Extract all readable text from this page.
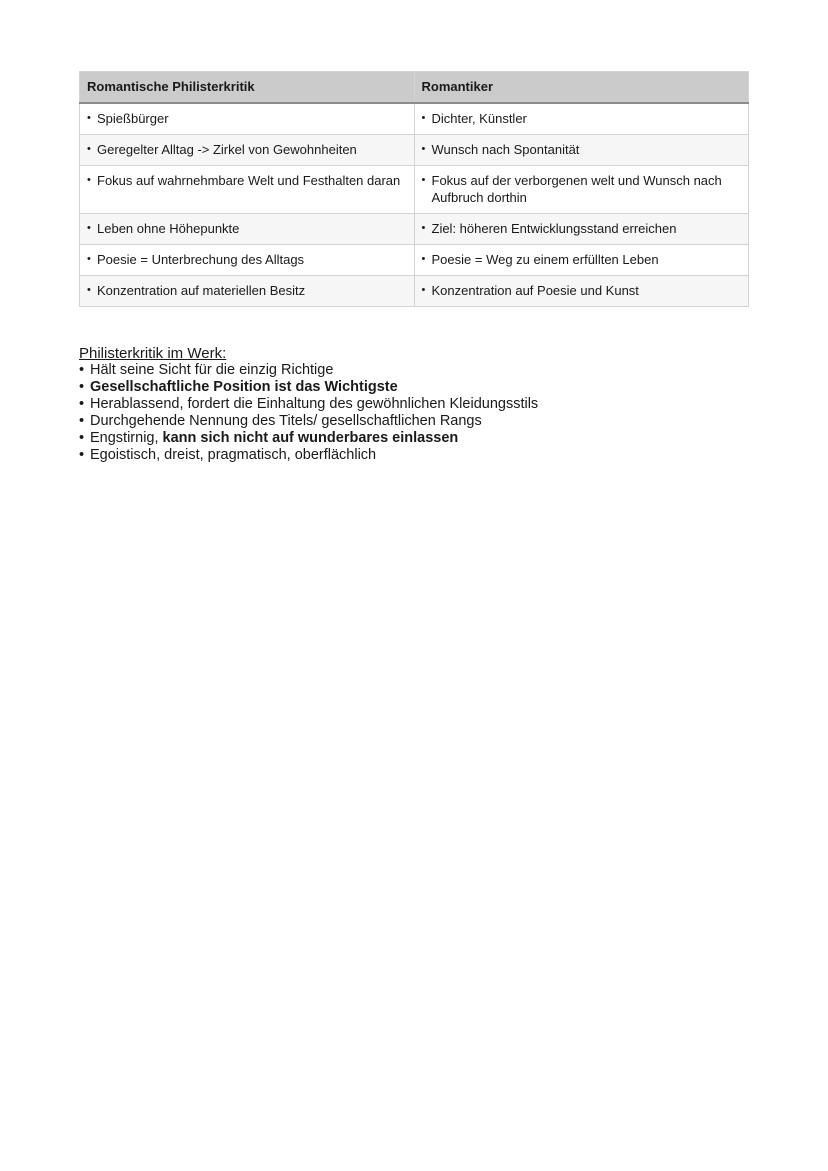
Romantische Philisterkritik	Romantiker

• Spießbürger	• Dichter, Künstler

• Geregelter Alltag -> Zirkel von Gewohnheiten	• Wunsch nach Spontanität

• Fokus auf wahrnehmbare Welt und Festhalten daran	• Fokus auf der verborgenen welt und Wunsch nach Aufbruch dorthin

• Leben ohne Höhepunkte	• Ziel: höheren Entwicklungsstand erreichen

• Poesie = Unterbrechung des Alltags	• Poesie = Weg zu einem erfüllten Leben

• Konzentration auf materiellen Besitz	• Konzentration auf Poesie und Kunst
Philisterkritik im Werk:
• Hält seine Sicht für die einzig Richtige
• Gesellschaftliche Position ist das Wichtigste
• Herablassend, fordert die Einhaltung des gewöhnlichen Kleidungsstils
• Durchgehende Nennung des Titels/ gesellschaftlichen Rangs
• Engstirnig, kann sich nicht auf wunderbares einlassen
• Egoistisch, dreist, pragmatisch, oberflächlich
